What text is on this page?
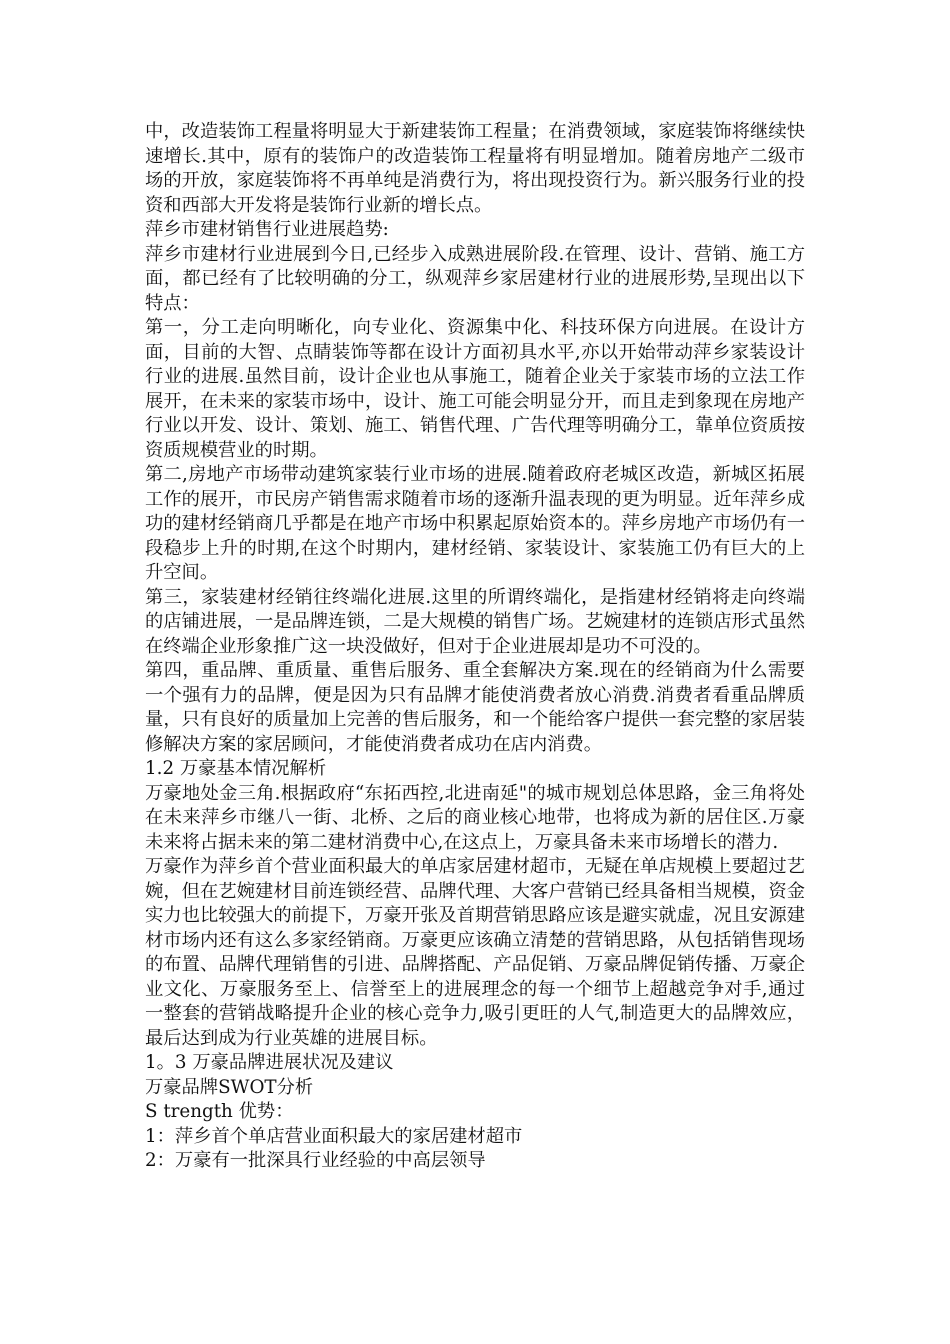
中，改造装饰工程量将明显大于新建装饰工程量；在消费领域，家庭装饰将继续快速增长.其中，原有的装饰户的改造装饰工程量将有明显增加。随着房地产二级市场的开放，家庭装饰将不再单纯是消费行为，将出现投资行为。新兴服务行业的投资和西部大开发将是装饰行业新的增长点。

萍乡市建材销售行业进展趋势:

萍乡市建材行业进展到今日,已经步入成熟进展阶段.在管理、设计、营销、施工方面，都已经有了比较明确的分工，纵观萍乡家居建材行业的进展形势,呈现出以下特点：

第一，分工走向明晰化，向专业化、资源集中化、科技环保方向进展。在设计方面，目前的大智、点睛装饰等都在设计方面初具水平,亦以开始带动萍乡家装设计行业的进展.虽然目前，设计企业也从事施工，随着企业关于家装市场的立法工作展开，在未来的家装市场中，设计、施工可能会明显分开，而且走到象现在房地产行业以开发、设计、策划、施工、销售代理、广告代理等明确分工，靠单位资质按资质规模营业的时期。

第二,房地产市场带动建筑家装行业市场的进展.随着政府老城区改造，新城区拓展工作的展开，市民房产销售需求随着市场的逐渐升温表现的更为明显。近年萍乡成功的建材经销商几乎都是在地产市场中积累起原始资本的。萍乡房地产市场仍有一段稳步上升的时期,在这个时期内，建材经销、家装设计、家装施工仍有巨大的上升空间。

第三，家装建材经销往终端化进展.这里的所谓终端化，是指建材经销将走向终端的店铺进展，一是品牌连锁，二是大规模的销售广场。艺婉建材的连锁店形式虽然在终端企业形象推广这一块没做好，但对于企业进展却是功不可没的。

第四，重品牌、重质量、重售后服务、重全套解决方案.现在的经销商为什么需要一个强有力的品牌，便是因为只有品牌才能使消费者放心消费.消费者看重品牌质量，只有良好的质量加上完善的售后服务，和一个能给客户提供一套完整的家居装修解决方案的家居顾问，才能使消费者成功在店内消费。

1.2 万豪基本情况解析

万豪地处金三角.根据政府“东拓西控,北进南延"的城市规划总体思路，金三角将处在未来萍乡市继八一街、北桥、之后的商业核心地带，也将成为新的居住区.万豪未来将占据未来的第二建材消费中心,在这点上，万豪具备未来市场增长的潜力.

万豪作为萍乡首个营业面积最大的单店家居建材超市，无疑在单店规模上要超过艺婉，但在艺婉建材目前连锁经营、品牌代理、大客户营销已经具备相当规模，资金实力也比较强大的前提下，万豪开张及首期营销思路应该是避实就虚，况且安源建材市场内还有这么多家经销商。万豪更应该确立清楚的营销思路，从包括销售现场的布置、品牌代理销售的引进、品牌搭配、产品促销、万豪品牌促销传播、万豪企业文化、万豪服务至上、信誉至上的进展理念的每一个细节上超越竞争对手,通过一整套的营销战略提升企业的核心竞争力,吸引更旺的人气,制造更大的品牌效应，最后达到成为行业英雄的进展目标。

1。3 万豪品牌进展状况及建议

万豪品牌SWOT分析

S trength 优势：

1：萍乡首个单店营业面积最大的家居建材超市

2：万豪有一批深具行业经验的中高层领导
